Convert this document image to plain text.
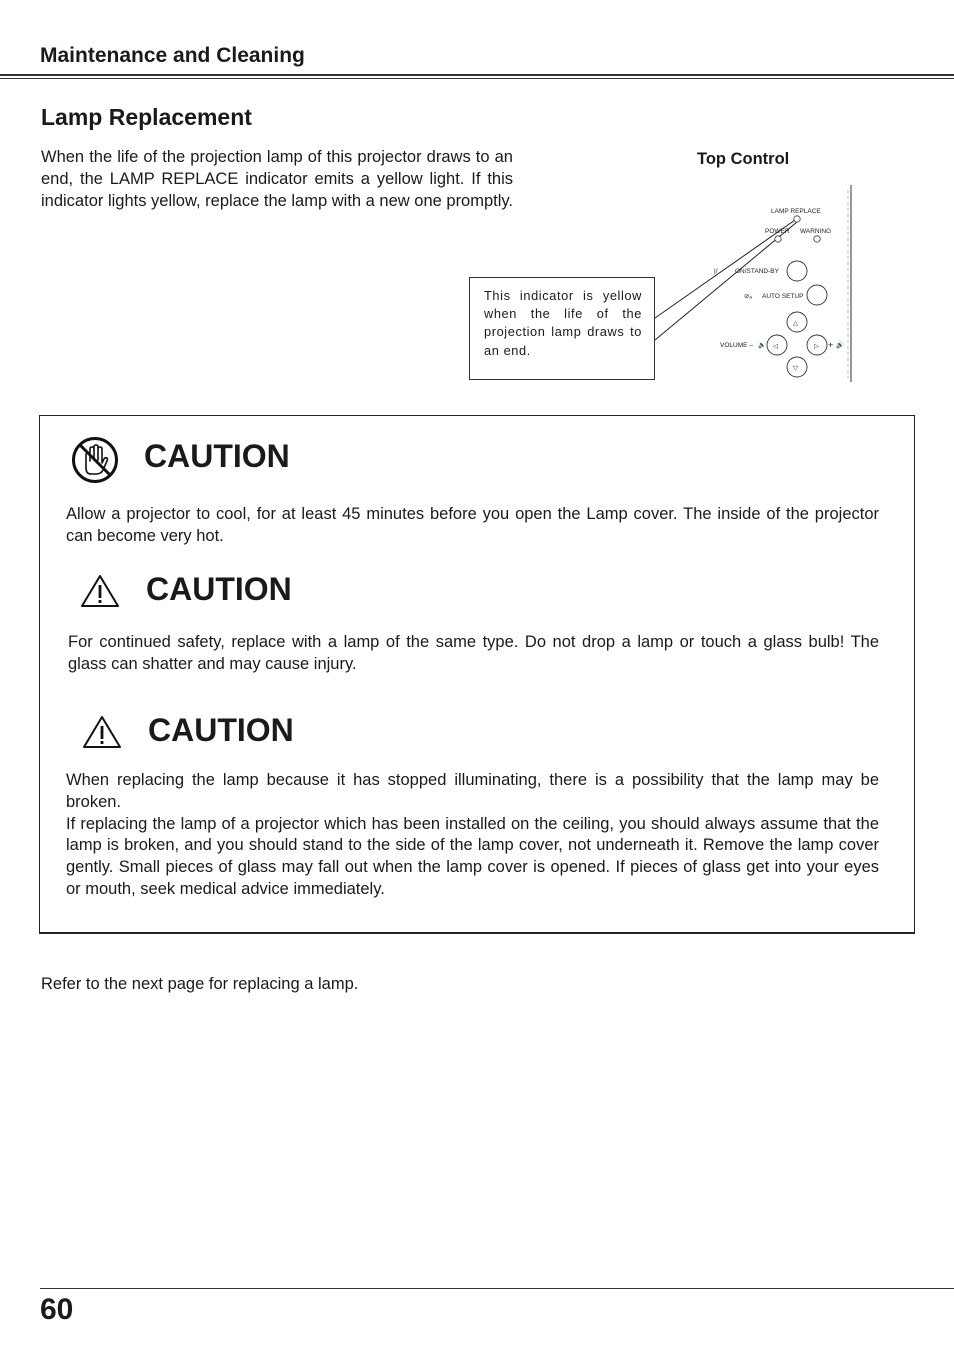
Maintenance and Cleaning
Lamp Replacement
When the life of the projection lamp of this projector draws to an end, the LAMP REPLACE indicator emits a yellow light. If this indicator lights yellow, replace the lamp with a new one promptly.
Top Control
This indicator is yellow when the life of the projection lamp draws to an end.
LAMP REPLACE
POWER WARNING
|/	ON/STAND-BY
⊘ₐ AUTO SETUP
△
◁	▷
▽
VOLUME – 🔈	+ 🔊
CAUTION
Allow a projector to cool, for at least 45 minutes before you open the Lamp cover. The inside of the projector can become very hot.
CAUTION
For continued safety, replace with a lamp of the same type. Do not drop a lamp or touch a glass bulb! The glass can shatter and may cause injury.
CAUTION
When replacing the lamp because it has stopped illuminating, there is a possibility that the lamp may be broken.
If replacing the lamp of a projector which has been installed on the ceiling, you should always assume that the lamp is broken, and you should stand to the side of the lamp cover, not underneath it. Remove the lamp cover gently. Small pieces of glass may fall out when the lamp cover is opened. If pieces of glass get into your eyes or mouth, seek medical advice immediately.
Refer to the next page for replacing a lamp.
60
